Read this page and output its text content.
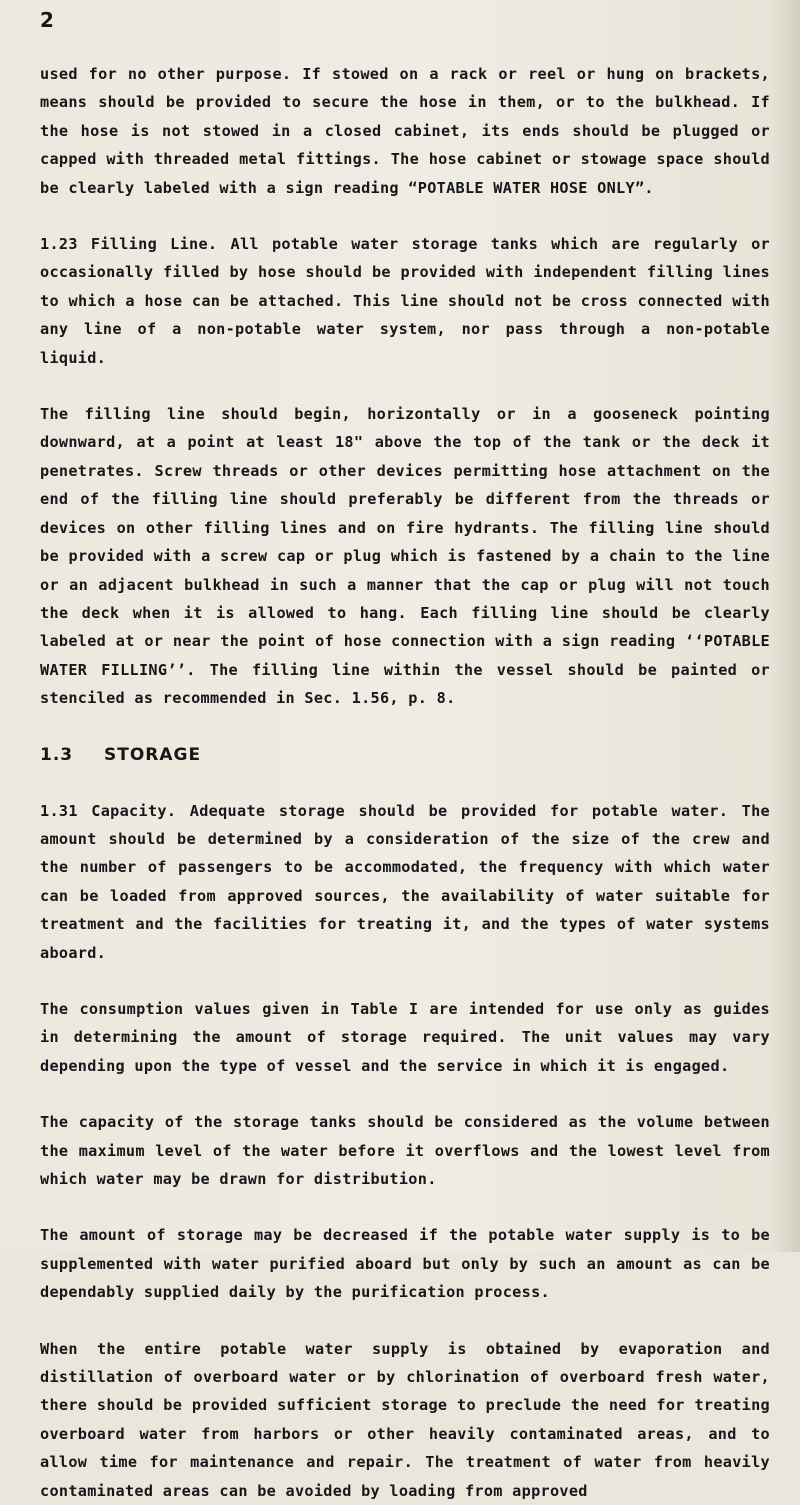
2

used for no other purpose. If stowed on a rack or reel or hung on brackets, means should be provided to secure the hose in them, or to the bulkhead. If the hose is not stowed in a closed cabinet, its ends should be plugged or capped with threaded metal fittings. The hose cabinet or stowage space should be clearly labeled with a sign reading “POTABLE WATER HOSE ONLY”.

1.23 Filling Line. All potable water storage tanks which are regularly or occasionally filled by hose should be provided with independent filling lines to which a hose can be attached. This line should not be cross connected with any line of a non-potable water system, nor pass through a non-potable liquid.

The filling line should begin, horizontally or in a gooseneck pointing downward, at a point at least 18" above the top of the tank or the deck it penetrates. Screw threads or other devices permitting hose attachment on the end of the filling line should preferably be different from the threads or devices on other filling lines and on fire hydrants. The filling line should be provided with a screw cap or plug which is fastened by a chain to the line or an adjacent bulkhead in such a manner that the cap or plug will not touch the deck when it is allowed to hang. Each filling line should be clearly labeled at or near the point of hose connection with a sign reading ‘‘POTABLE WATER FILLING’’. The filling line within the vessel should be painted or stenciled as recommended in Sec. 1.56, p. 8.

1.3 STORAGE

1.31 Capacity. Adequate storage should be provided for potable water. The amount should be determined by a consideration of the size of the crew and the number of passengers to be accommodated, the frequency with which water can be loaded from approved sources, the availability of water suitable for treatment and the facilities for treating it, and the types of water systems aboard.

The consumption values given in Table I are intended for use only as guides in determining the amount of storage required. The unit values may vary depending upon the type of vessel and the service in which it is engaged.

The capacity of the storage tanks should be considered as the volume between the maximum level of the water before it overflows and the lowest level from which water may be drawn for distribution.

The amount of storage may be decreased if the potable water supply is to be supplemented with water purified aboard but only by such an amount as can be dependably supplied daily by the purification process.

When the entire potable water supply is obtained by evaporation and distillation of overboard water or by chlorination of overboard fresh water, there should be provided sufficient storage to preclude the need for treating overboard water from harbors or other heavily contaminated areas, and to allow time for maintenance and repair. The treatment of water from heavily contaminated areas can be avoided by loading from approved
